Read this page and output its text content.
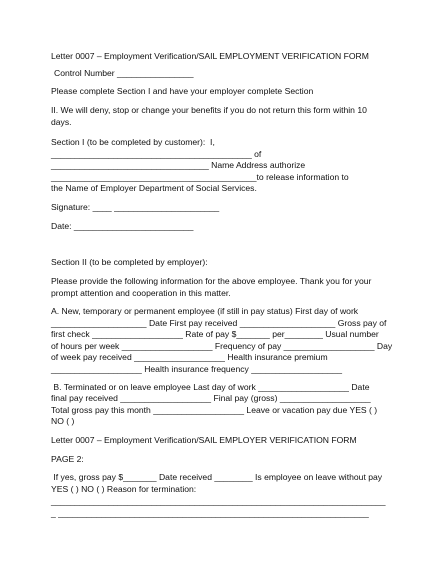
Letter 0007 – Employment Verification/SAIL EMPLOYMENT VERIFICATION FORM
Control Number ________________
Please complete Section I and have your employer complete Section
II. We will deny, stop or change your benefits if you do not return this form within 10
days.
Section I (to be completed by customer):  I,
__________________________________________ of
_________________________________ Name Address authorize
___________________________________________to release information to
the Name of Employer Department of Social Services.
Signature: ____ ______________________
Date: _________________________
Section II (to be completed by employer):
Please provide the following information for the above employee. Thank you for your
prompt attention and cooperation in this matter.
A. New, temporary or permanent employee (if still in pay status) First day of work
____________________ Date First pay received ____________________ Gross pay of
first check ___________________ Rate of pay $_______ per________ Usual number
of hours per week ___________________ Frequency of pay ___________________ Day
of week pay received ___________________ Health insurance premium
___________________ Health insurance frequency ___________________
B. Terminated or on leave employee Last day of work ___________________ Date
final pay received ___________________ Final pay (gross) ___________________
Total gross pay this month ___________________ Leave or vacation pay due YES ( )
NO ( )
Letter 0007 – Employment Verification/SAIL EMPLOYER VERIFICATION FORM
PAGE 2:
If yes, gross pay $_______ Date received ________ Is employee on leave without pay
YES ( ) NO ( ) Reason for termination:
______________________________________________________________________
_ _________________________________________________________________
